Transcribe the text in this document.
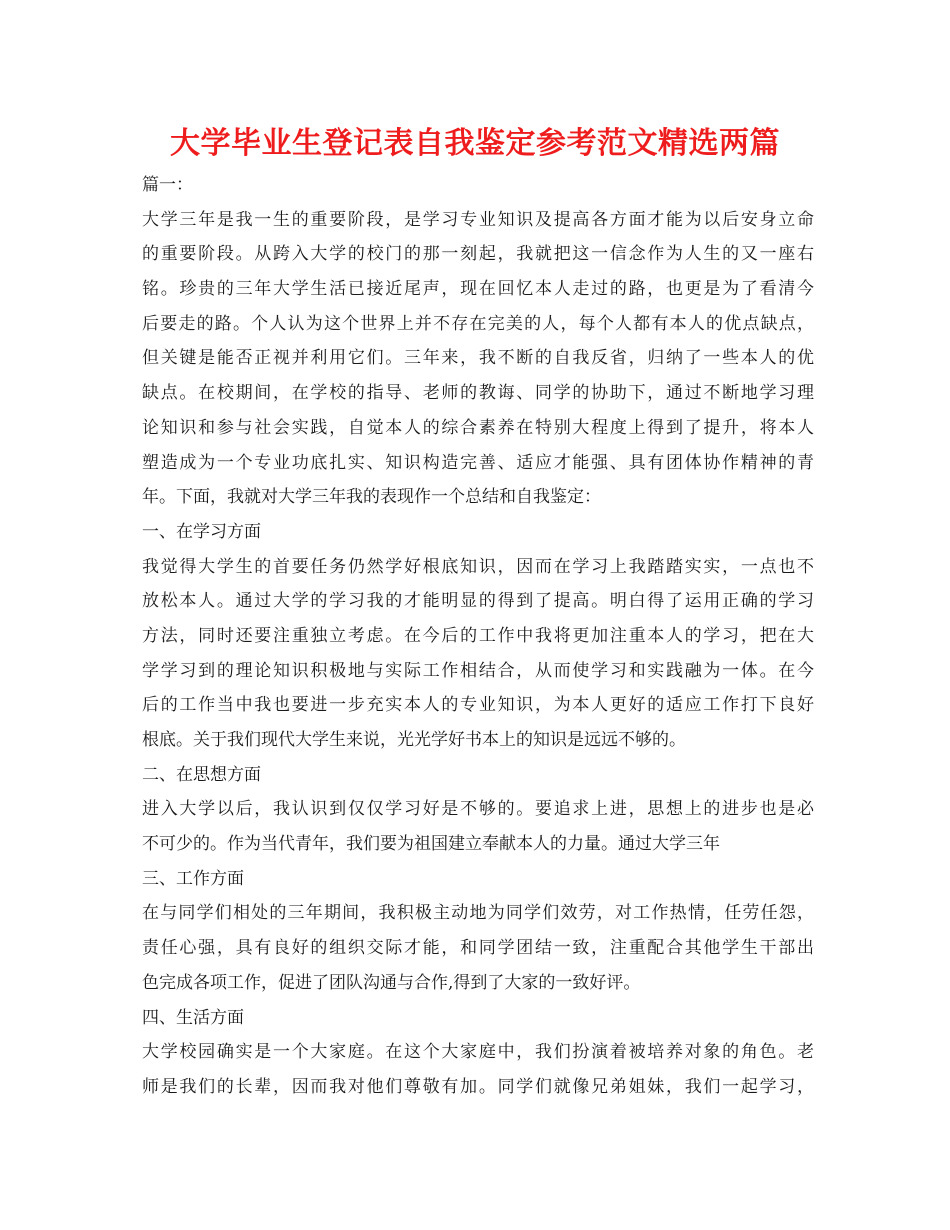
大学毕业生登记表自我鉴定参考范文精选两篇
篇一：
大学三年是我一生的重要阶段，是学习专业知识及提高各方面才能为以后安身立命
的重要阶段。从跨入大学的校门的那一刻起，我就把这一信念作为人生的又一座右
铭。珍贵的三年大学生活已接近尾声，现在回忆本人走过的路，也更是为了看清今
后要走的路。个人认为这个世界上并不存在完美的人，每个人都有本人的优点缺点，
但关键是能否正视并利用它们。三年来，我不断的自我反省，归纳了一些本人的优
缺点。在校期间，在学校的指导、老师的教诲、同学的协助下，通过不断地学习理
论知识和参与社会实践，自觉本人的综合素养在特别大程度上得到了提升，将本人
塑造成为一个专业功底扎实、知识构造完善、适应才能强、具有团体协作精神的青
年。下面，我就对大学三年我的表现作一个总结和自我鉴定：
一、在学习方面
我觉得大学生的首要任务仍然学好根底知识，因而在学习上我踏踏实实，一点也不
放松本人。通过大学的学习我的才能明显的得到了提高。明白得了运用正确的学习
方法，同时还要注重独立考虑。在今后的工作中我将更加注重本人的学习，把在大
学学习到的理论知识积极地与实际工作相结合，从而使学习和实践融为一体。在今
后的工作当中我也要进一步充实本人的专业知识，为本人更好的适应工作打下良好
根底。关于我们现代大学生来说，光光学好书本上的知识是远远不够的。
二、在思想方面
进入大学以后，我认识到仅仅学习好是不够的。要追求上进，思想上的进步也是必
不可少的。作为当代青年，我们要为祖国建立奉献本人的力量。通过大学三年
三、工作方面
在与同学们相处的三年期间，我积极主动地为同学们效劳，对工作热情，任劳任怨，
责任心强，具有良好的组织交际才能，和同学团结一致，注重配合其他学生干部出
色完成各项工作，促进了团队沟通与合作,得到了大家的一致好评。
四、生活方面
大学校园确实是一个大家庭。在这个大家庭中，我们扮演着被培养对象的角色。老
师是我们的长辈，因而我对他们尊敬有加。同学们就像兄弟姐妹，我们一起学习，
